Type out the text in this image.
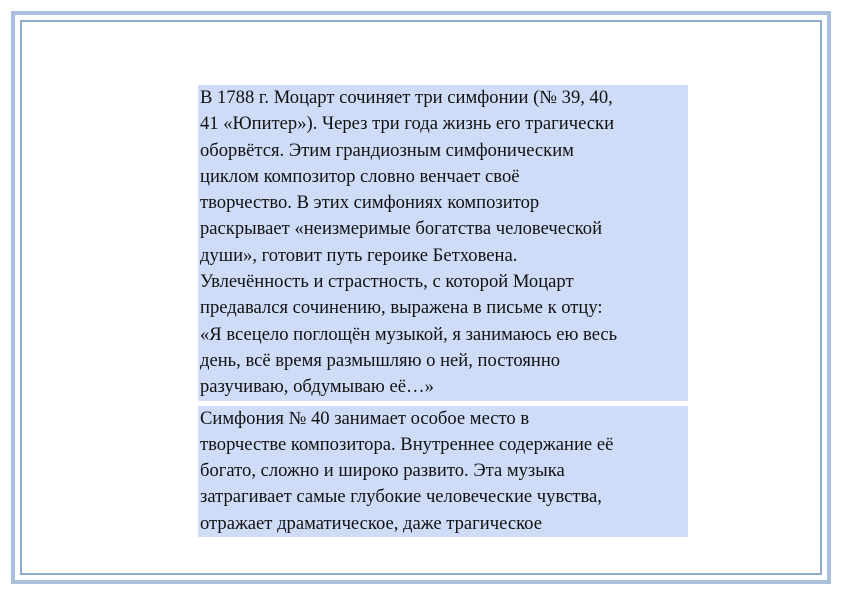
В 1788 г. Моцарт сочиняет три симфонии (№ 39, 40,
41 «Юпитер»). Через три года жизнь его трагически
оборвётся. Этим грандиозным симфоническим
циклом композитор словно венчает своё
творчество. В этих симфониях композитор
раскрывает «неизмеримые богатства человеческой
души», готовит путь героике Бетховена.
Увлечённость и страстность, с которой Моцарт
предавался сочинению, выражена в письме к отцу:
«Я всецело поглощён музыкой, я занимаюсь ею весь
день, всё время размышляю о ней, постоянно
разучиваю, обдумываю её…»

Симфония № 40 занимает особое место в
творчестве композитора. Внутреннее содержание её
богато, сложно и широко развито. Эта музыка
затрагивает самые глубокие человеческие чувства,
отражает драматическое, даже трагическое
